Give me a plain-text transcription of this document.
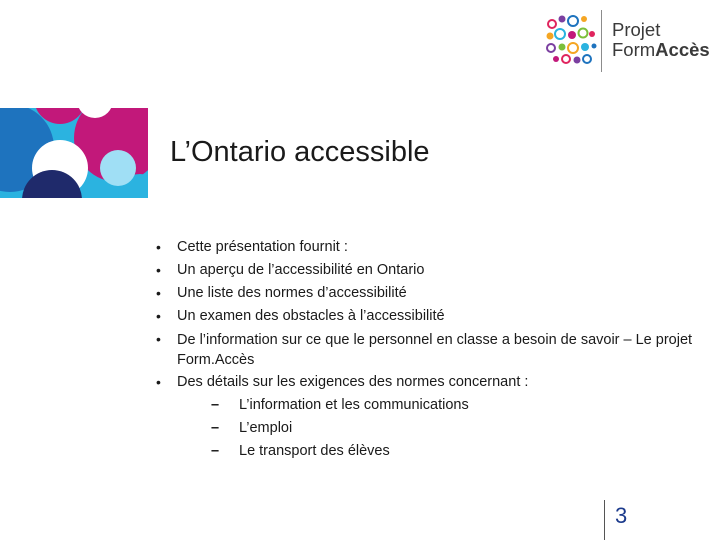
L’Ontario accessible
Projet
FormAccès
• Cette présentation fournit :
• Un aperçu de l’accessibilité en Ontario
• Une liste des normes d’accessibilité
• Un examen des obstacles à l’accessibilité
• De l’information sur ce que le personnel en classe a besoin de savoir – Le projet Form.Accès
• Des détails sur les exigences des normes concernant :
– L’information et les communications
– L’emploi
– Le transport des élèves
3
